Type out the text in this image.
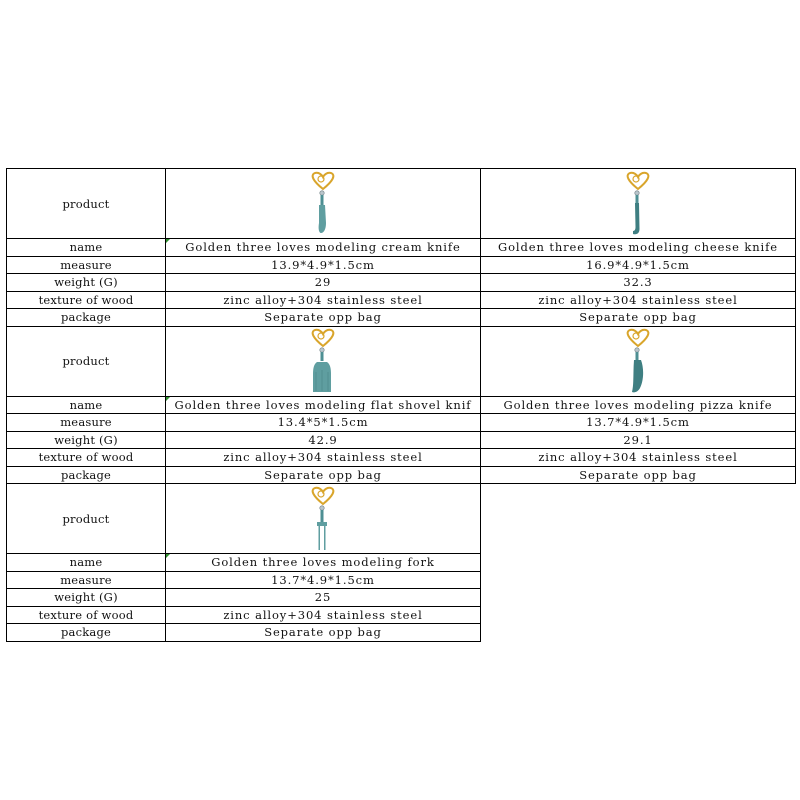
product	

name	Golden three loves modeling cream knife	Golden three loves modeling cheese knife
measure	13.9*4.9*1.5cm	16.9*4.9*1.5cm
weight (G)	29	32.3
texture of wood	zinc alloy+304 stainless steel	zinc alloy+304 stainless steel
package	Separate opp bag	Separate opp bag
product	

name	Golden three loves modeling flat shovel knif	Golden three loves modeling pizza knife
measure	13.4*5*1.5cm	13.7*4.9*1.5cm
weight (G)	42.9	29.1
texture of wood	zinc alloy+304 stainless steel	zinc alloy+304 stainless steel
package	Separate opp bag	Separate opp bag
product	

name	Golden three loves modeling fork	
measure	13.7*4.9*1.5cm	
weight (G)	25	
texture of wood	zinc alloy+304 stainless steel	
package	Separate opp bag	
